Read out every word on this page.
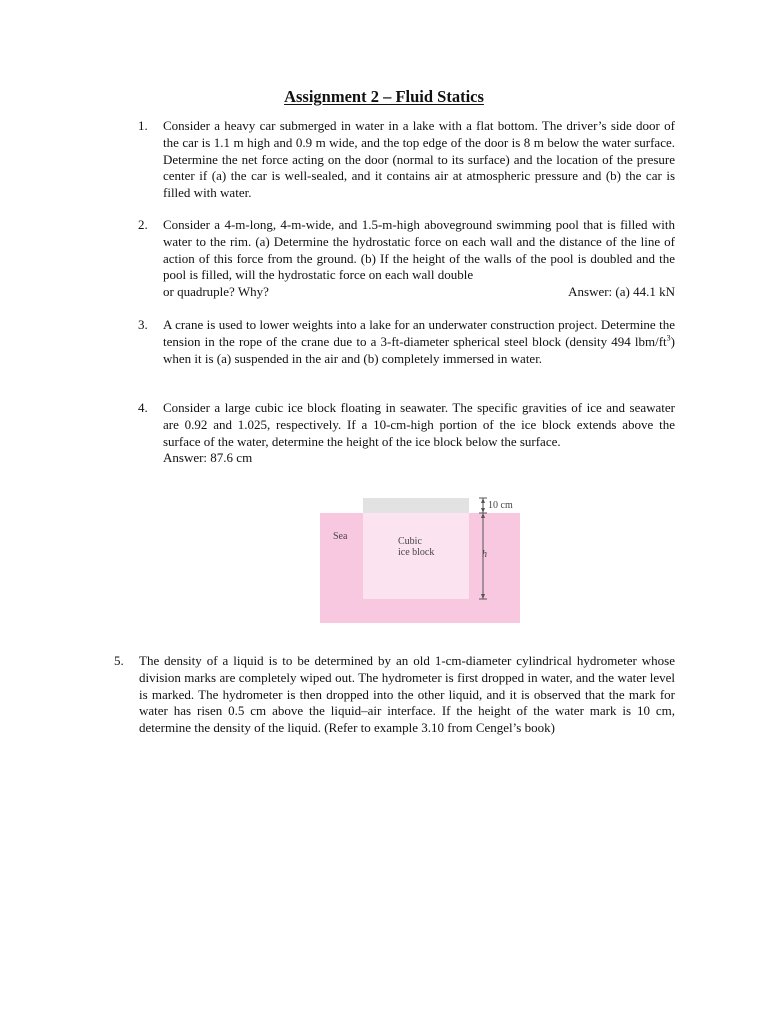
Assignment 2 – Fluid Statics
1. Consider a heavy car submerged in water in a lake with a flat bottom. The driver’s side door of the car is 1.1 m high and 0.9 m wide, and the top edge of the door is 8 m below the water surface. Determine the net force acting on the door (normal to its surface) and the location of the presure center if (a) the car is well-sealed, and it contains air at atmospheric pressure and (b) the car is filled with water.
2. Consider a 4-m-long, 4-m-wide, and 1.5-m-high aboveground swimming pool that is filled with water to the rim. (a) Determine the hydrostatic force on each wall and the distance of the line of action of this force from the ground. (b) If the height of the walls of the pool is doubled and the pool is filled, will the hydrostatic force on each wall double
or quadruple? Why?	Answer: (a) 44.1 kN
3. A crane is used to lower weights into a lake for an underwater construction project. Determine the tension in the rope of the crane due to a 3-ft-diameter spherical steel block (density 494 lbm/$ft^3$) when it is (a) suspended in the air and (b) completely immersed in water.
4. Consider a large cubic ice block floating in seawater. The specific gravities of ice and seawater are 0.92 and 1.025, respectively. If a 10-cm-high portion of the ice block extends above the surface of the water, determine the height of the ice block below the surface.
Answer: 87.6 cm
Sea	Cubic
ice block
10 cm
h
5. The density of a liquid is to be determined by an old 1-cm-diameter cylindrical hydrometer whose division marks are completely wiped out. The hydrometer is first dropped in water, and the water level is marked. The hydrometer is then dropped into the other liquid, and it is observed that the mark for water has risen 0.5 cm above the liquid–air interface. If the height of the water mark is 10 cm, determine the density of the liquid. (Refer to example 3.10 from Cengel’s book)
